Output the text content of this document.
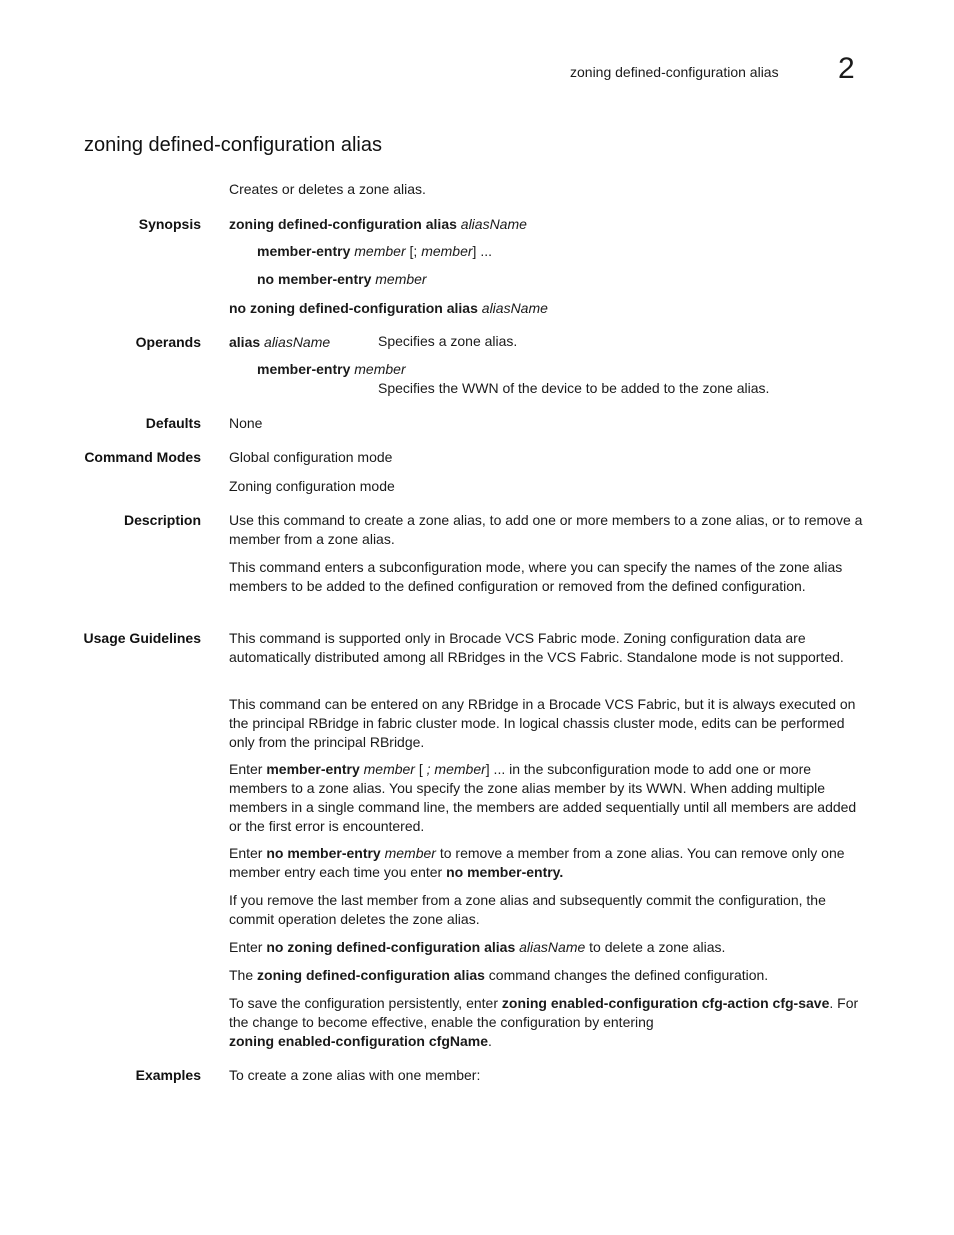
zoning defined-configuration alias 2
zoning defined-configuration alias
Creates or deletes a zone alias.
Synopsis zoning defined-configuration alias aliasName
member-entry member [; member] ...
no member-entry member
no zoning defined-configuration alias aliasName
Operands alias aliasName	Specifies a zone alias.
member-entry member
Specifies the WWN of the device to be added to the zone alias.
Defaults None
Command Modes Global configuration mode
Zoning configuration mode
Description Use this command to create a zone alias, to add one or more members to a zone alias, or to remove a member from a zone alias.
This command enters a subconfiguration mode, where you can specify the names of the zone alias members to be added to the defined configuration or removed from the defined configuration.
Usage Guidelines This command is supported only in Brocade VCS Fabric mode. Zoning configuration data are automatically distributed among all RBridges in the VCS Fabric. Standalone mode is not supported.
This command can be entered on any RBridge in a Brocade VCS Fabric, but it is always executed on the principal RBridge in fabric cluster mode. In logical chassis cluster mode, edits can be performed only from the principal RBridge.
Enter member-entry member [ ; member] ... in the subconfiguration mode to add one or more members to a zone alias. You specify the zone alias member by its WWN. When adding multiple members in a single command line, the members are added sequentially until all members are added or the first error is encountered.
Enter no member-entry member to remove a member from a zone alias. You can remove only one member entry each time you enter no member-entry.
If you remove the last member from a zone alias and subsequently commit the configuration, the commit operation deletes the zone alias.
Enter no zoning defined-configuration alias aliasName to delete a zone alias.
The zoning defined-configuration alias command changes the defined configuration.
To save the configuration persistently, enter zoning enabled-configuration cfg-action cfg-save. For the change to become effective, enable the configuration by entering
zoning enabled-configuration cfgName.
Examples To create a zone alias with one member:
